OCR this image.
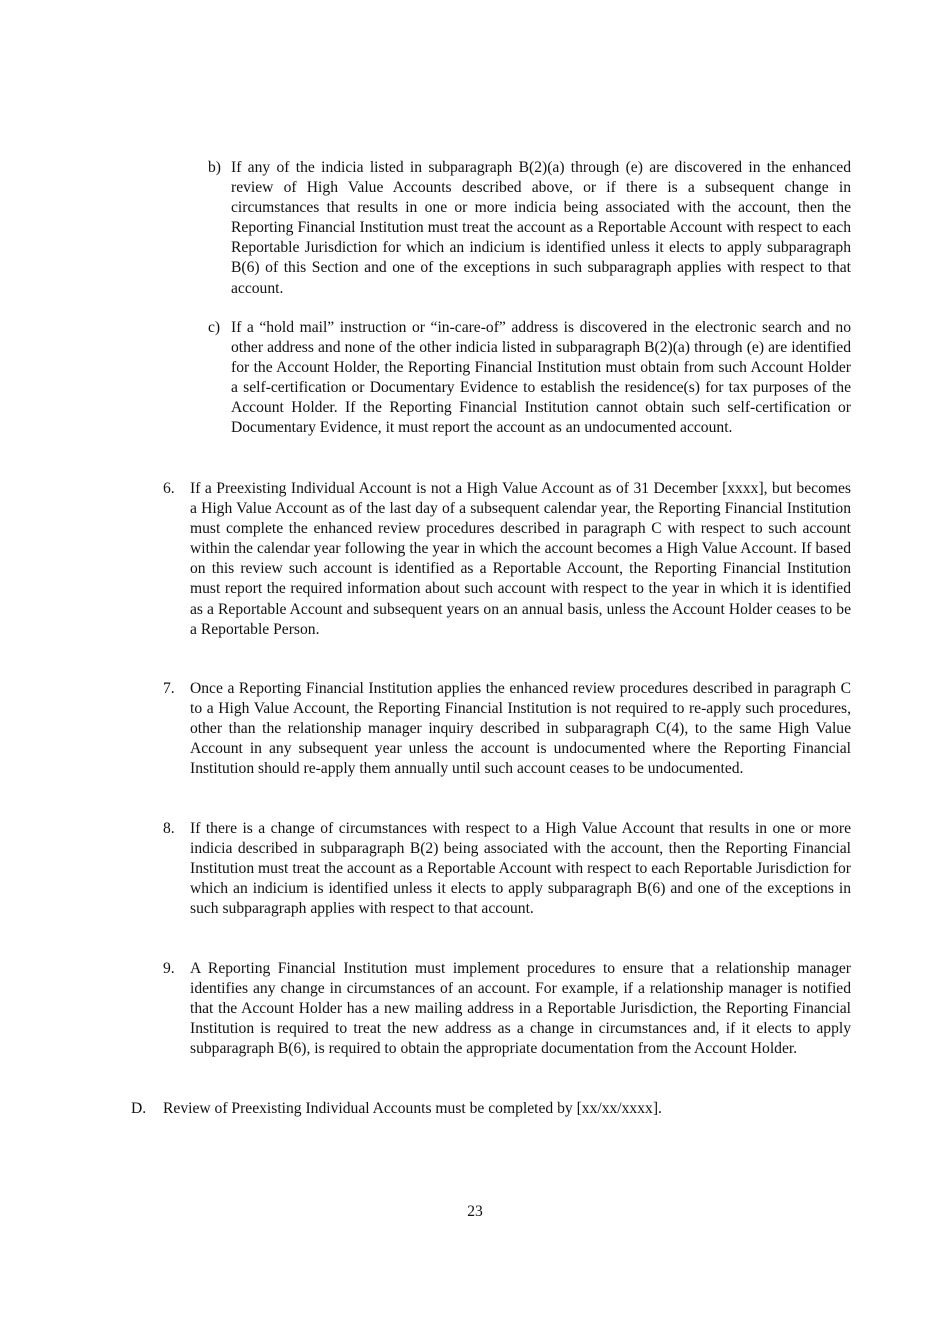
b) If any of the indicia listed in subparagraph B(2)(a) through (e) are discovered in the enhanced review of High Value Accounts described above, or if there is a subsequent change in circumstances that results in one or more indicia being associated with the account, then the Reporting Financial Institution must treat the account as a Reportable Account with respect to each Reportable Jurisdiction for which an indicium is identified unless it elects to apply subparagraph B(6) of this Section and one of the exceptions in such subparagraph applies with respect to that account.
c) If a “hold mail” instruction or “in-care-of” address is discovered in the electronic search and no other address and none of the other indicia listed in subparagraph B(2)(a) through (e) are identified for the Account Holder, the Reporting Financial Institution must obtain from such Account Holder a self-certification or Documentary Evidence to establish the residence(s) for tax purposes of the Account Holder. If the Reporting Financial Institution cannot obtain such self-certification or Documentary Evidence, it must report the account as an undocumented account.
6. If a Preexisting Individual Account is not a High Value Account as of 31 December [xxxx], but becomes a High Value Account as of the last day of a subsequent calendar year, the Reporting Financial Institution must complete the enhanced review procedures described in paragraph C with respect to such account within the calendar year following the year in which the account becomes a High Value Account. If based on this review such account is identified as a Reportable Account, the Reporting Financial Institution must report the required information about such account with respect to the year in which it is identified as a Reportable Account and subsequent years on an annual basis, unless the Account Holder ceases to be a Reportable Person.
7. Once a Reporting Financial Institution applies the enhanced review procedures described in paragraph C to a High Value Account, the Reporting Financial Institution is not required to re-apply such procedures, other than the relationship manager inquiry described in subparagraph C(4), to the same High Value Account in any subsequent year unless the account is undocumented where the Reporting Financial Institution should re-apply them annually until such account ceases to be undocumented.
8. If there is a change of circumstances with respect to a High Value Account that results in one or more indicia described in subparagraph B(2) being associated with the account, then the Reporting Financial Institution must treat the account as a Reportable Account with respect to each Reportable Jurisdiction for which an indicium is identified unless it elects to apply subparagraph B(6) and one of the exceptions in such subparagraph applies with respect to that account.
9. A Reporting Financial Institution must implement procedures to ensure that a relationship manager identifies any change in circumstances of an account. For example, if a relationship manager is notified that the Account Holder has a new mailing address in a Reportable Jurisdiction, the Reporting Financial Institution is required to treat the new address as a change in circumstances and, if it elects to apply subparagraph B(6), is required to obtain the appropriate documentation from the Account Holder.
D. Review of Preexisting Individual Accounts must be completed by [xx/xx/xxxx].
23
